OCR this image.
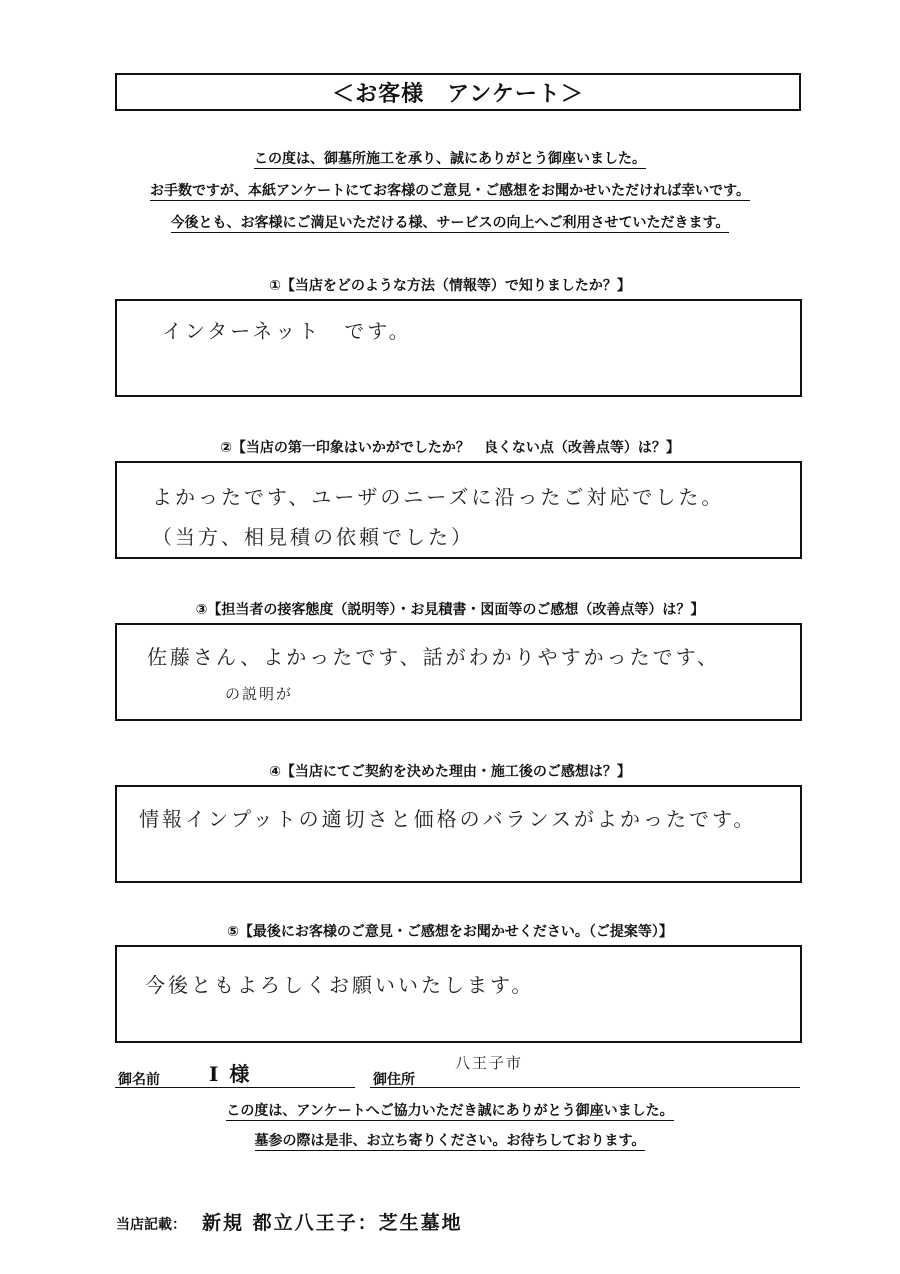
＜お客様　アンケート＞
この度は、御墓所施工を承り、誠にありがとう御座いました。
お手数ですが、本紙アンケートにてお客様のご意見・ご感想をお聞かせいただければ幸いです。
今後とも、お客様にご満足いただける様、サービスの向上へご利用させていただきます。
①【当店をどのような方法（情報等）で知りましたか？】
インターネット　です。
②【当店の第一印象はいかがでしたか？　良くない点（改善点等）は？】
よかったです、ユーザのニーズに沿ったご対応でした。
（当方、相見積の依頼でした）
③【担当者の接客態度（説明等）・お見積書・図面等のご感想（改善点等）は？】
佐藤さん、よかったです、話がわかりやすかったです、
の説明が
④【当店にてご契約を決めた理由・施工後のご感想は？】
情報インプットの適切さと価格のバランスがよかったです。
⑤【最後にお客様のご意見・ご感想をお聞かせください。（ご提案等）】
今後ともよろしくお願いいたします。
御名前 I 様	御住所
八王子市
この度は、アンケートへご協力いただき誠にありがとう御座いました。
墓参の際は是非、お立ち寄りください。お待ちしております。
当店記載： 新規 都立八王子：芝生墓地
